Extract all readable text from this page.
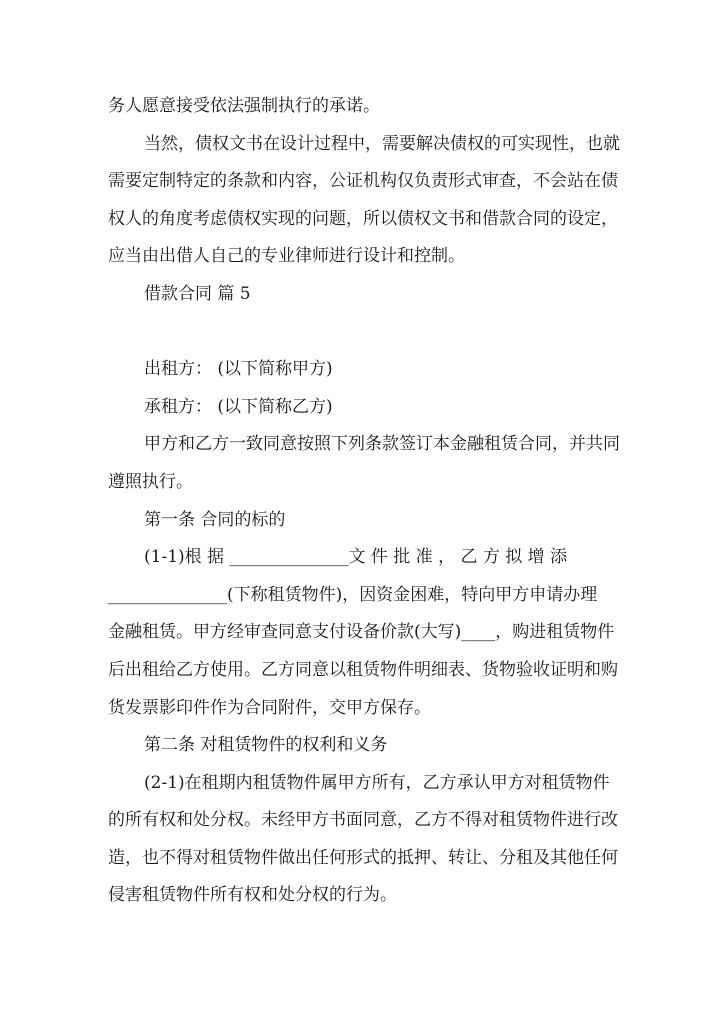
务人愿意接受依法强制执行的承诺。
当然，债权文书在设计过程中，需要解决债权的可实现性，也就
需要定制特定的条款和内容，公证机构仅负责形式审查，不会站在债
权人的角度考虑债权实现的问题，所以债权文书和借款合同的设定，
应当由出借人自己的专业律师进行设计和控制。
借款合同 篇 5
出租方： (以下简称甲方)
承租方： (以下简称乙方)
甲方和乙方一致同意按照下列条款签订本金融租赁合同，并共同
遵照执行。
第一条 合同的标的
(1-1)根 据 ______________文 件 批 准 ， 乙 方 拟 增 添
______________(下称租赁物件)，因资金困难，特向甲方申请办理
金融租赁。甲方经审查同意支付设备价款(大写)____，购进租赁物件
后出租给乙方使用。乙方同意以租赁物件明细表、货物验收证明和购
货发票影印件作为合同附件，交甲方保存。
第二条 对租赁物件的权利和义务
(2-1)在租期内租赁物件属甲方所有，乙方承认甲方对租赁物件
的所有权和处分权。未经甲方书面同意，乙方不得对租赁物件进行改
造，也不得对租赁物件做出任何形式的抵押、转让、分租及其他任何
侵害租赁物件所有权和处分权的行为。
